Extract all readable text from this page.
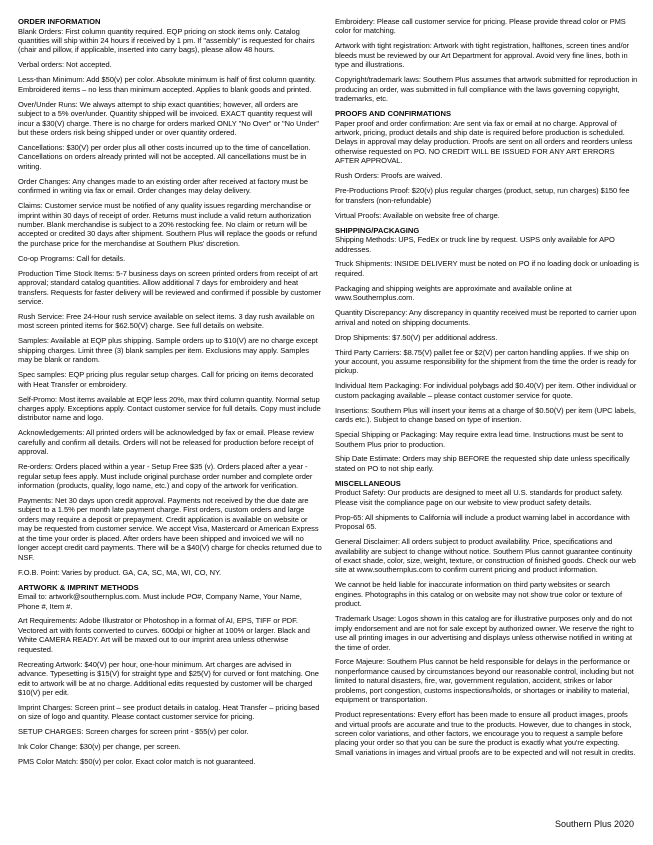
ORDER INFORMATION
Blank Orders: First column quantity required. EQP pricing on stock items only. Catalog quantities will ship within 24 hours if received by 1 pm. If "assembly" is requested for chairs (chair and pillow, if applicable, inserted into carry bags), please allow 48 hours.
Verbal orders: Not accepted.
Less-than Minimum: Add $50(v) per color. Absolute minimum is half of first column quantity. Embroidered items – no less than minimum accepted. Applies to blank goods and printed.
Over/Under Runs: We always attempt to ship exact quantities; however, all orders are subject to a 5% over/under. Quantity shipped will be invoiced. EXACT quantity request will incur a $30(V) charge. There is no charge for orders marked ONLY "No Over" or "No Under" but these orders risk being shipped under or over quantity ordered.
Cancellations: $30(V) per order plus all other costs incurred up to the time of cancellation. Cancellations on orders already printed will not be accepted. All cancellations must be in writing.
Order Changes: Any changes made to an existing order after received at factory must be confirmed in writing via fax or email. Order changes may delay delivery.
Claims: Customer service must be notified of any quality issues regarding merchandise or imprint within 30 days of receipt of order. Returns must include a valid return authorization number. Blank merchandise is subject to a 20% restocking fee. No claim or return will be accepted or credited 30 days after shipment. Southern Plus will replace the goods or refund the purchase price for the merchandise at Southern Plus' discretion.
Co-op Programs: Call for details.
Production Time Stock Items: 5-7 business days on screen printed orders from receipt of art approval; standard catalog quantities. Allow additional 7 days for embroidery and heat transfers. Requests for faster delivery will be reviewed and confirmed if possible by customer service.
Rush Service: Free 24-Hour rush service available on select items. 3 day rush available on most screen printed items for $62.50(V) charge. See full details on website.
Samples: Available at EQP plus shipping. Sample orders up to $10(V) are no charge except shipping charges. Limit three (3) blank samples per item. Exclusions may apply. Samples may be blank or random.
Spec samples: EQP pricing plus regular setup charges. Call for pricing on items decorated with Heat Transfer or embroidery.
Self-Promo: Most items available at EQP less 20%, max third column quantity. Normal setup charges apply. Exceptions apply. Contact customer service for full details. Copy must include distributor name and logo.
Acknowledgements: All printed orders will be acknowledged by fax or email. Please review carefully and confirm all details. Orders will not be released for production before receipt of approval.
Re-orders: Orders placed within a year - Setup Free $35 (v). Orders placed after a year - regular setup fees apply. Must include original purchase order number and complete order information (products, quality, logo name, etc.) and copy of the artwork for verification.
Payments: Net 30 days upon credit approval. Payments not received by the due date are subject to a 1.5% per month late payment charge. First orders, custom orders and large orders may require a deposit or prepayment. Credit application is available on website or may be requested from customer service. We accept Visa, Mastercard or American Express at the time your order is placed. After orders have been shipped and invoiced we will no longer accept credit card payments. There will be a $40(V) charge for checks returned due to NSF.
F.O.B. Point: Varies by product. GA, CA, SC, MA, WI, CO, NY.
ARTWORK & IMPRINT METHODS
Email to: artwork@southernplus.com. Must include PO#, Company Name, Your Name, Phone #, Item #.
Art Requirements: Adobe Illustrator or Photoshop in a format of AI, EPS, TIFF or PDF. Vectored art with fonts converted to curves. 600dpi or higher at 100% or larger. Black and White CAMERA READY. Art will be maxed out to our imprint area unless otherwise requested.
Recreating Artwork: $40(V) per hour, one-hour minimum. Art charges are advised in advance. Typesetting is $15(V) for straight type and $25(V) for curved or font matching. One edit to artwork will be at no charge. Additional edits requested by customer will be charged $10(V) per edit.
Imprint Charges: Screen print – see product details in catalog. Heat Transfer – pricing based on size of logo and quantity. Please contact customer service for pricing.
SETUP CHARGES: Screen charges for screen print - $55(v) per color.
Ink Color Change: $30(v) per change, per screen.
PMS Color Match: $50(v) per color. Exact color match is not guaranteed.
Embroidery: Please call customer service for pricing. Please provide thread color or PMS color for matching.
Artwork with tight registration: Artwork with tight registration, halftones, screen tines and/or bleeds must be reviewed by our Art Department for approval. Avoid very fine lines, both in type and illustrations.
Copyright/trademark laws: Southern Plus assumes that artwork submitted for reproduction in producing an order, was submitted in full compliance with the laws governing copyright, trademarks, etc.
PROOFS AND CONFIRMATIONS
Paper proof and order confirmation: Are sent via fax or email at no charge. Approval of artwork, pricing, product details and ship date is required before production is scheduled. Delays in approval may delay production. Proofs are sent on all orders and reorders unless otherwise requested on PO. NO CREDIT WILL BE ISSUED FOR ANY ART ERRORS AFTER APPROVAL.
Rush Orders: Proofs are waived.
Pre-Productions Proof: $20(v) plus regular charges (product, setup, run charges) $150 fee for transfers (non-refundable)
Virtual Proofs: Available on website free of charge.
SHIPPING/PACKAGING
Shipping Methods: UPS, FedEx or truck line by request. USPS only available for APO addresses.
Truck Shipments: INSIDE DELIVERY must be noted on PO if no loading dock or unloading is required.
Packaging and shipping weights are approximate and available online at www.Southernplus.com.
Quantity Discrepancy: Any discrepancy in quantity received must be reported to carrier upon arrival and noted on shipping documents.
Drop Shipments: $7.50(V) per additional address.
Third Party Carriers: $8.75(V) pallet fee or $2(V) per carton handling applies. If we ship on your account, you assume responsibility for the shipment from the time the order is ready for pickup.
Individual Item Packaging: For individual polybags add $0.40(V) per item. Other individual or custom packaging available – please contact customer service for quote.
Insertions: Southern Plus will insert your items at a charge of $0.50(V) per item (UPC labels, cards etc.). Subject to change based on type of insertion.
Special Shipping or Packaging: May require extra lead time. Instructions must be sent to Southern Plus prior to production.
Ship Date Estimate: Orders may ship BEFORE the requested ship date unless specifically stated on PO to not ship early.
MISCELLANEOUS
Product Safety: Our products are designed to meet all U.S. standards for product safety. Please visit the compliance page on our website to view product safety details.
Prop-65: All shipments to California will include a product warning label in accordance with Proposal 65.
General Disclaimer: All orders subject to product availability. Price, specifications and availability are subject to change without notice. Southern Plus cannot guarantee continuity of exact shade, color, size, weight, texture, or construction of finished goods. Check our web site at www.southernplus.com to confirm current pricing and product information.
We cannot be held liable for inaccurate information on third party websites or search engines. Photographs in this catalog or on website may not show true color or texture of product.
Trademark Usage: Logos shown in this catalog are for illustrative purposes only and do not imply endorsement and are not for sale except by authorized owner. We reserve the right to use all printing images in our advertising and displays unless otherwise notified in writing at the time of order.
Force Majeure: Southern Plus cannot be held responsible for delays in the performance or nonperformance caused by circumstances beyond our reasonable control, including but not limited to natural disasters, fire, war, government regulation, accident, strikes or labor problems, port congestion, customs inspections/holds, or shortages or inability to material, equipment or transportation.
Product representations: Every effort has been made to ensure all product images, proofs and virtual proofs are accurate and true to the products. However, due to changes in stock, screen color variations, and other factors, we encourage you to request a sample before placing your order so that you can be sure the product is exactly what you're expecting. Small variations in images and virtual proofs are to be expected and will not result in credits.
Southern Plus 2020
